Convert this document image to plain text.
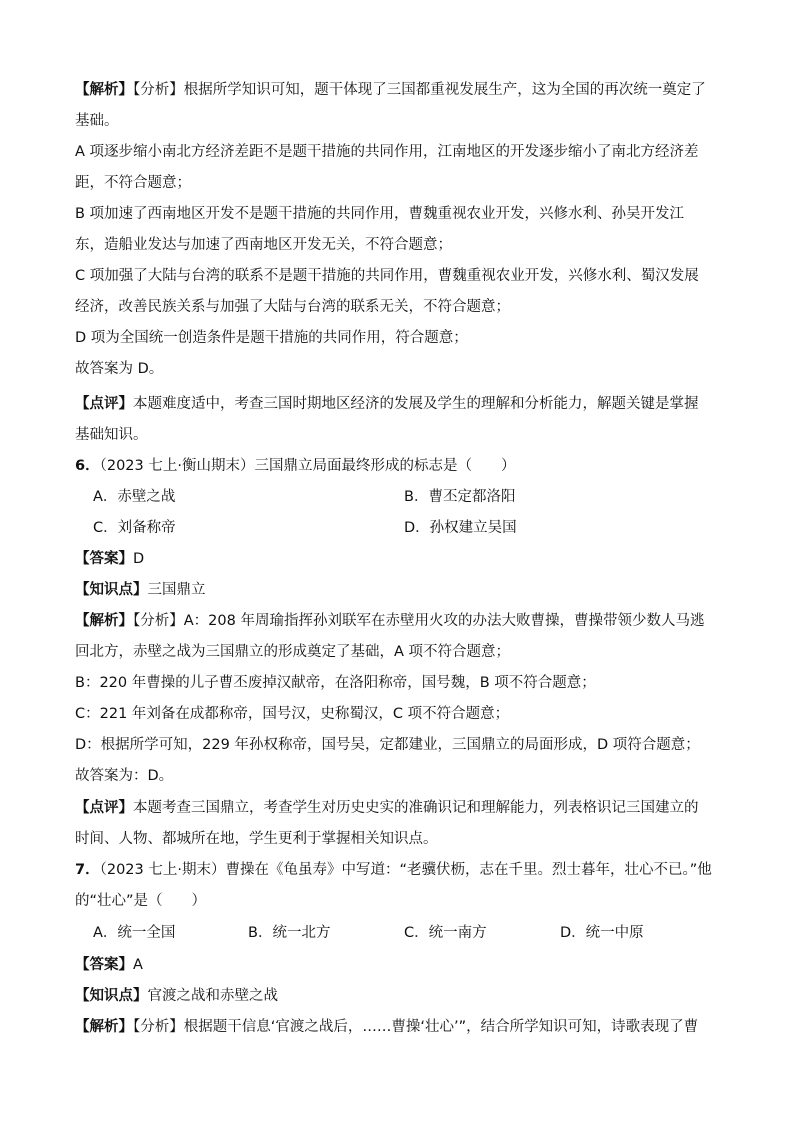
【解析】【分析】根据所学知识可知，题干体现了三国都重视发展生产，这为全国的再次统一奠定了
基础。
A 项逐步缩小南北方经济差距不是题干措施的共同作用，江南地区的开发逐步缩小了南北方经济差
距，不符合题意；
B 项加速了西南地区开发不是题干措施的共同作用，曹魏重视农业开发，兴修水利、孙吴开发江
东，造船业发达与加速了西南地区开发无关，不符合题意；
C 项加强了大陆与台湾的联系不是题干措施的共同作用，曹魏重视农业开发，兴修水利、蜀汉发展
经济，改善民族关系与加强了大陆与台湾的联系无关，不符合题意；
D 项为全国统一创造条件是题干措施的共同作用，符合题意；
故答案为 D。
【点评】本题难度适中，考查三国时期地区经济的发展及学生的理解和分析能力，解题关键是掌握
基础知识。
6．（2023 七上·衡山期末）三国鼎立局面最终形成的标志是（　　）
A．赤壁之战	B．曹丕定都洛阳
C．刘备称帝	D．孙权建立吴国
【答案】D
【知识点】三国鼎立
【解析】【分析】A：208 年周瑜指挥孙刘联军在赤壁用火攻的办法大败曹操，曹操带领少数人马逃
回北方，赤壁之战为三国鼎立的形成奠定了基础，A 项不符合题意；
B：220 年曹操的儿子曹丕废掉汉献帝，在洛阳称帝，国号魏，B 项不符合题意；
C：221 年刘备在成都称帝，国号汉，史称蜀汉，C 项不符合题意；
D：根据所学可知，229 年孙权称帝，国号吴，定都建业，三国鼎立的局面形成，D 项符合题意；
故答案为：D。
【点评】本题考查三国鼎立，考查学生对历史史实的准确识记和理解能力，列表格识记三国建立的
时间、人物、都城所在地，学生更利于掌握相关知识点。
7．（2023 七上·期末）曹操在《龟虽寿》中写道：“老骥伏枥，志在千里。烈士暮年，壮心不已。”他
的“壮心”是（　　）
A．统一全国	B．统一北方	C．统一南方	D．统一中原
【答案】A
【知识点】官渡之战和赤壁之战
【解析】【分析】根据题干信息‘官渡之战后，……曹操‘壮心’”，结合所学知识可知，诗歌表现了曹
